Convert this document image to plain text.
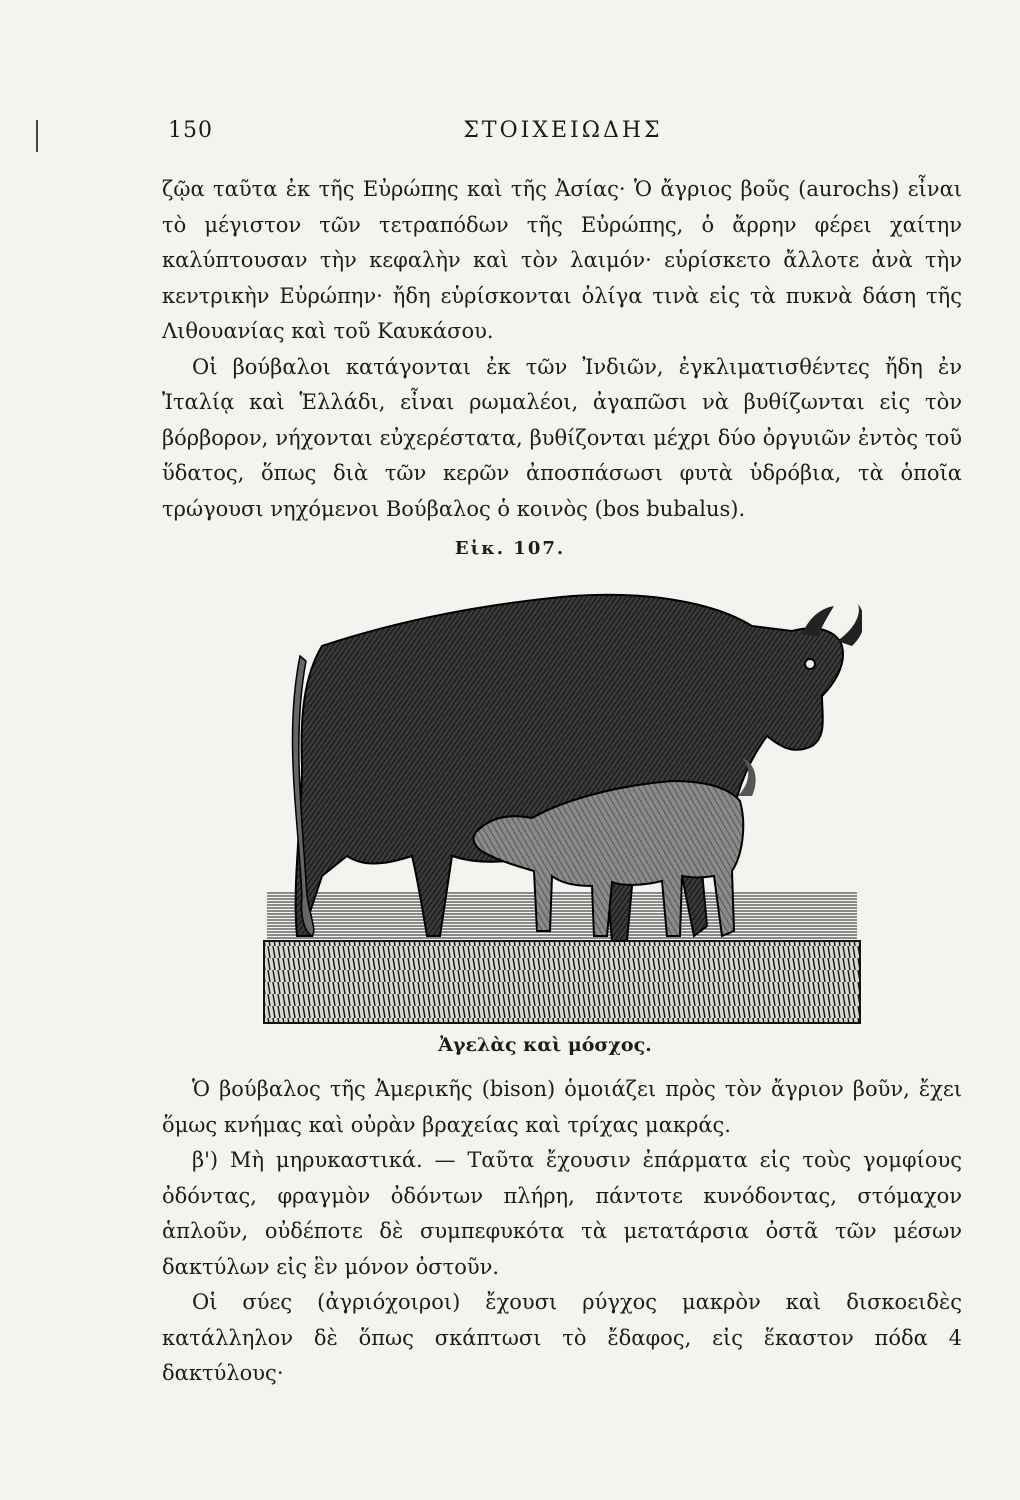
150	ΣΤΟΙΧΕΙΩΔΗΣ

ζῷα ταῦτα ἐκ τῆς Εὐρώπης καὶ τῆς Ἀσίας· Ὁ ἄγριος βοῦς (aurochs) εἶναι τὸ μέγιστον τῶν τετραπόδων τῆς Εὐρώπης, ὁ ἄρρην φέρει χαίτην καλύπτουσαν τὴν κεφαλὴν καὶ τὸν λαιμόν· εὑρίσκετο ἄλλοτε ἀνὰ τὴν κεντρικὴν Εὐρώπην· ἤδη εὑρίσκονται ὀλίγα τινὰ εἰς τὰ πυκνὰ δάση τῆς Λιθουανίας καὶ τοῦ Καυκάσου.

Οἱ βούβαλοι κατάγονται ἐκ τῶν Ἰνδιῶν, ἐγκλιματισθέντες ἤδη ἐν Ἰταλίᾳ καὶ Ἑλλάδι, εἶναι ρωμαλέοι, ἀγαπῶσι νὰ βυθίζωνται εἰς τὸν βόρβορον, νήχονται εὐχερέστατα, βυθίζονται μέχρι δύο ὀργυιῶν ἐντὸς τοῦ ὕδατος, ὅπως διὰ τῶν κερῶν ἀποσπάσωσι φυτὰ ὑδρόβια, τὰ ὁποῖα τρώγουσι νηχόμενοι Βούβαλος ὁ κοινὸς (bos bubalus).

Εἰκ. 107.
Ἀγελὰς καὶ μόσχος.

Ὁ βούβαλος τῆς Ἀμερικῆς (bison) ὁμοιάζει πρὸς τὸν ἄγριον βοῦν, ἔχει ὅμως κνήμας καὶ οὐρὰν βραχείας καὶ τρίχας μακράς.

β') Μὴ μηρυκαστικά. — Ταῦτα ἔχουσιν ἐπάρματα εἰς τοὺς γομφίους ὀδόντας, φραγμὸν ὀδόντων πλήρη, πάντοτε κυνόδοντας, στόμαχον ἁπλοῦν, οὐδέποτε δὲ συμπεφυκότα τὰ μετατάρσια ὀστᾶ τῶν μέσων δακτύλων εἰς ἓν μόνον ὀστοῦν.

Οἱ σύες (ἀγριόχοιροι) ἔχουσι ρύγχος μακρὸν καὶ δισκοειδὲς κατάλληλον δὲ ὅπως σκάπτωσι τὸ ἔδαφος, εἰς ἕκαστον πόδα 4 δακτύλους·
